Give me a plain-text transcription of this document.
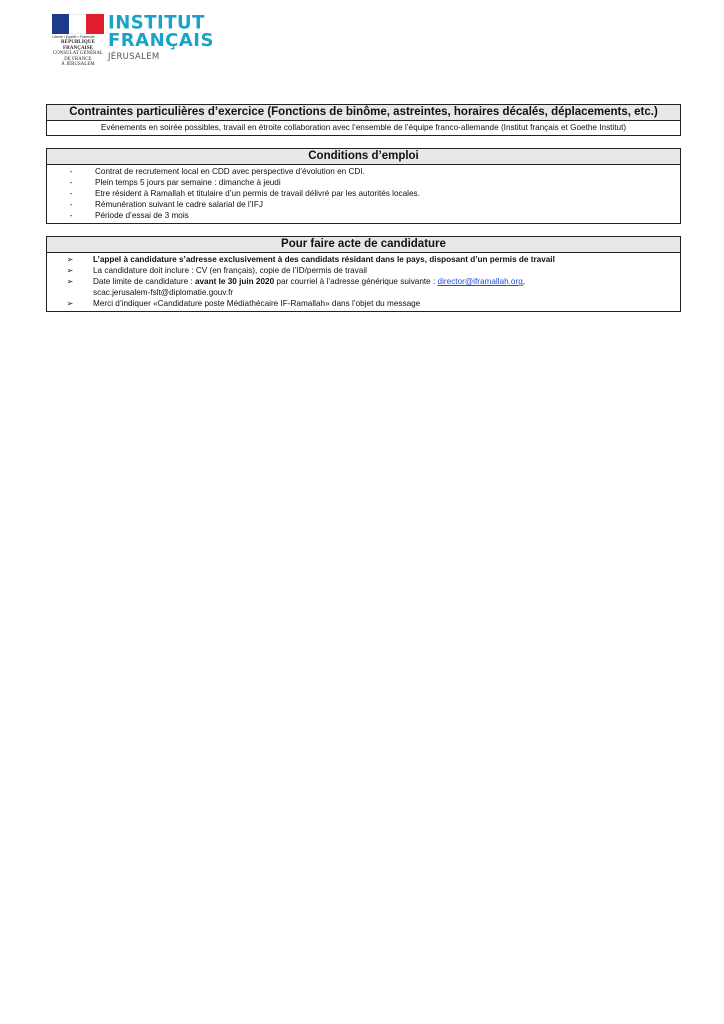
Liberté • Égalité • Fraternité
RÉPUBLIQUE FRANÇAISE
CONSULAT GÉNÉRAL
DE FRANCE
À JÉRUSALEM
INSTITUT
FRANÇAIS
JÉRUSALEM
Contraintes particulières d’exercice (Fonctions de binôme, astreintes, horaires décalés, déplacements, etc.)
Evénements en soirée possibles, travail en étroite collaboration avec l’ensemble de l’équipe franco-allemande (Institut français et Goethe Institut)
Conditions d’emploi
-	Contrat de recrutement local en CDD avec perspective d’évolution en CDI.
-	Plein temps 5 jours par semaine : dimanche à jeudi
-	Etre résident à Ramallah et titulaire d’un permis de travail délivré par les autorités locales.
-	Rémunération suivant le cadre salarial de l’IFJ
-	Période d’essai de 3 mois
Pour faire acte de candidature
➢	L’appel à candidature s’adresse exclusivement à des candidats résidant dans le pays, disposant d’un permis de travail
➢	La candidature doit inclure : CV (en français), copie de l’ID/permis de travail
➢	Date limite de candidature : avant le 30 juin 2020 par courriel à l’adresse générique suivante : director@iframallah.org,
scac.jerusalem-fslt@diplomatie.gouv.fr
➢	Merci d’indiquer «Candidature poste Médiathécaire IF-Ramallah» dans l’objet du message
